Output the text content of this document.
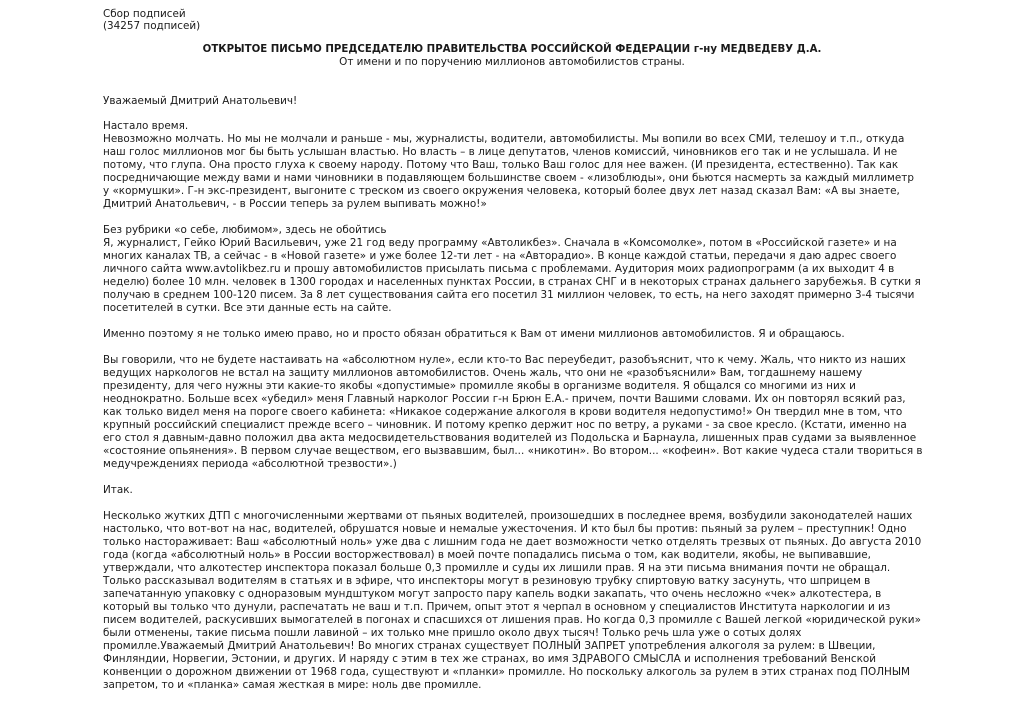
Сбор подписей
(34257 подписей)
ОТКРЫТОЕ ПИСЬМО ПРЕДСЕДАТЕЛЮ ПРАВИТЕЛЬСТВА РОССИЙСКОЙ ФЕДЕРАЦИИ г-ну МЕДВЕДЕВУ Д.А.
От имени и по поручению миллионов автомобилистов страны.

Уважаемый Дмитрий Анатольевич!

Настало время.
Невозможно молчать. Но мы не молчали и раньше - мы, журналисты, водители, автомобилисты. Мы вопили во всех СМИ, телешоу и т.п., откуда наш голос миллионов мог бы быть услышан властью. Но власть – в лице депутатов, членов комиссий, чиновников его так и не услышала. И не потому, что глупа. Она просто глуха к своему народу. Потому что Ваш, только Ваш голос для нее важен. (И президента, естественно). Так как посредничающие между вами и нами чиновники в подавляющем большинстве своем - «лизоблюды», они бьются насмерть за каждый миллиметр у «кормушки». Г-н экс-президент, выгоните с треском из своего окружения человека, который более двух лет назад сказал Вам: «А вы знаете, Дмитрий Анатольевич, - в России теперь за рулем выпивать можно!»

Без рубрики «о себе, любимом», здесь не обойтись
Я, журналист, Гейко Юрий Васильевич, уже 21 год веду программу «Автоликбез». Сначала в «Комсомолке», потом в «Российской газете» и на многих каналах ТВ, а сейчас - в «Новой газете» и уже более 12-ти лет - на «Авторадио». В конце каждой статьи, передачи я даю адрес своего личного сайта www.avtolikbez.ru и прошу автомобилистов присылать письма с проблемами. Аудитория моих радиопрограмм (а их выходит 4 в неделю) более 10 млн. человек в 1300 городах и населенных пунктах России, в странах СНГ и в некоторых странах дальнего зарубежья. В сутки я получаю в среднем 100-120 писем. За 8 лет существования сайта его посетил 31 миллион человек, то есть, на него заходят примерно 3-4 тысячи посетителей в сутки. Все эти данные есть на сайте.

Именно поэтому я не только имею право, но и просто обязан обратиться к Вам от имени миллионов автомобилистов. Я и обращаюсь.

Вы говорили, что не будете настаивать на «абсолютном нуле», если кто-то Вас переубедит, разобъяснит, что к чему. Жаль, что никто из наших ведущих наркологов не встал на защиту миллионов автомобилистов. Очень жаль, что они не «разобъяснили» Вам, тогдашнему нашему президенту, для чего нужны эти какие-то якобы «допустимые» промилле якобы в организме водителя. Я общался со многими из них и неоднократно. Больше всех «убедил» меня Главный нарколог России г-н Брюн Е.А.- причем, почти Вашими словами. Их он повторял всякий раз, как только видел меня на пороге своего кабинета: «Никакое содержание алкоголя в крови водителя недопустимо!» Он твердил мне в том, что крупный российский специалист прежде всего – чиновник. И потому крепко держит нос по ветру, а руками - за свое кресло. (Кстати, именно на его стол я давным-давно положил два акта медосвидетельствования водителей из Подольска и Барнаула, лишенных прав судами за выявленное «состояние опьянения». В первом случае веществом, его вызвавшим, был... «никотин». Во втором... «кофеин». Вот какие чудеса стали твориться в медучреждениях периода «абсолютной трезвости».)

Итак.

Несколько жутких ДТП с многочисленными жертвами от пьяных водителей, произошедших в последнее время, возбудили законодателей наших настолько, что вот-вот на нас, водителей, обрушатся новые и немалые ужесточения. И кто был бы против: пьяный за рулем – преступник! Одно только настораживает: Ваш «абсолютный ноль» уже два с лишним года не дает возможности четко отделять трезвых от пьяных. До августа 2010 года (когда «абсолютный ноль» в России восторжествовал) в моей почте попадались письма о том, как водители, якобы, не выпивавшие, утверждали, что алкотестер инспектора показал больше 0,3 промилле и суды их лишили прав. Я на эти письма внимания почти не обращал. Только рассказывал водителям в статьях и в эфире, что инспекторы могут в резиновую трубку спиртовую ватку засунуть, что шприцем в запечатанную упаковку с одноразовым мундштуком могут запросто пару капель водки закапать, что очень несложно «чек» алкотестера, в который вы только что дунули, распечатать не ваш и т.п. Причем, опыт этот я черпал в основном у специалистов Института наркологии и из писем водителей, раскусивших вымогателей в погонах и спасшихся от лишения прав. Но когда 0,3 промилле с Вашей легкой «юридической руки» были отменены, такие письма пошли лавиной – их только мне пришло около двух тысяч! Только речь шла уже о сотых долях промилле.Уважаемый Дмитрий Анатольевич! Во многих странах существует ПОЛНЫЙ ЗАПРЕТ употребления алкоголя за рулем: в Швеции, Финляндии, Норвегии, Эстонии, и других. И наряду с этим в тех же странах, во имя ЗДРАВОГО СМЫСЛА и исполнения требований Венской конвенции о дорожном движении от 1968 года, существуют и «планки» промилле. Но поскольку алкоголь за рулем в этих странах под ПОЛНЫМ запретом, то и «планка» самая жесткая в мире: ноль две промилле.
